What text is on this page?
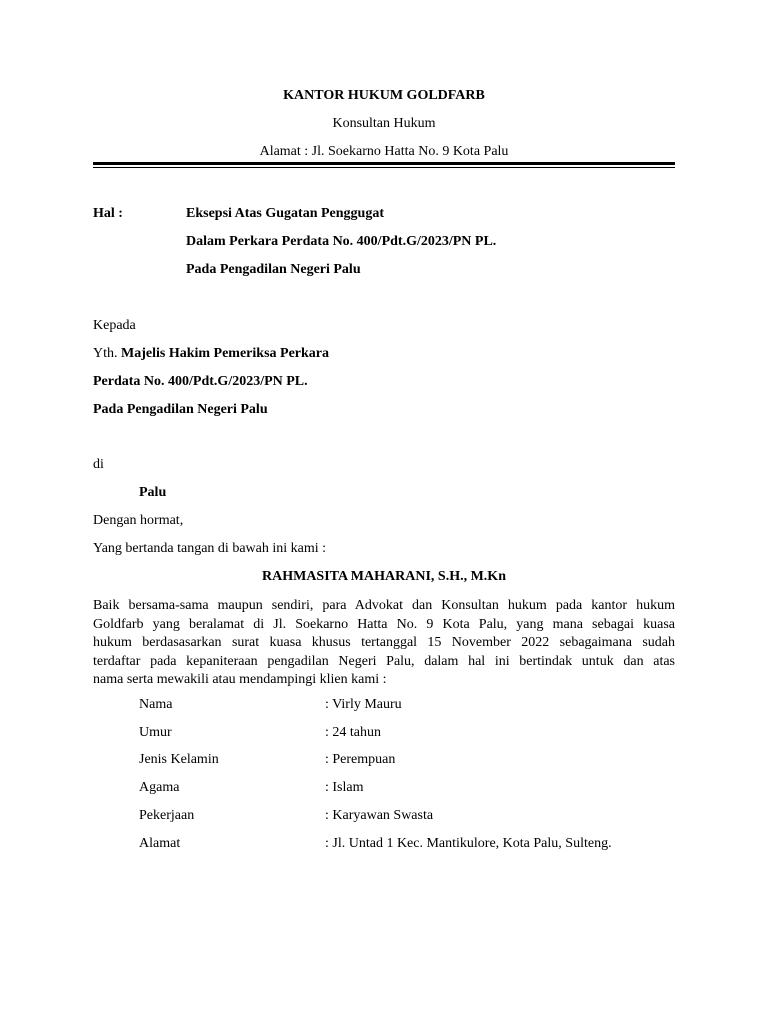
KANTOR HUKUM GOLDFARB
Konsultan Hukum
Alamat : Jl. Soekarno Hatta No. 9 Kota Palu
Hal :	Eksepsi Atas Gugatan Penggugat
Dalam Perkara Perdata No. 400/Pdt.G/2023/PN PL.
Pada Pengadilan Negeri Palu
Kepada
Yth. Majelis Hakim Pemeriksa Perkara
Perdata No. 400/Pdt.G/2023/PN PL.
Pada Pengadilan Negeri Palu
di
Palu
Dengan hormat,
Yang bertanda tangan di bawah ini kami :
RAHMASITA MAHARANI, S.H., M.Kn
Baik bersama-sama maupun sendiri, para Advokat dan Konsultan hukum pada kantor hukum
Goldfarb yang beralamat di Jl. Soekarno Hatta No. 9 Kota Palu, yang mana sebagai kuasa
hukum berdasasarkan surat kuasa khusus tertanggal 15 November 2022 sebagaimana sudah
terdaftar pada kepaniteraan pengadilan Negeri Palu, dalam hal ini bertindak untuk dan atas
nama serta mewakili atau mendampingi klien kami :
Nama	: Virly Mauru
Umur	: 24 tahun
Jenis Kelamin	: Perempuan
Agama	: Islam
Pekerjaan	: Karyawan Swasta
Alamat	: Jl. Untad 1 Kec. Mantikulore, Kota Palu, Sulteng.
